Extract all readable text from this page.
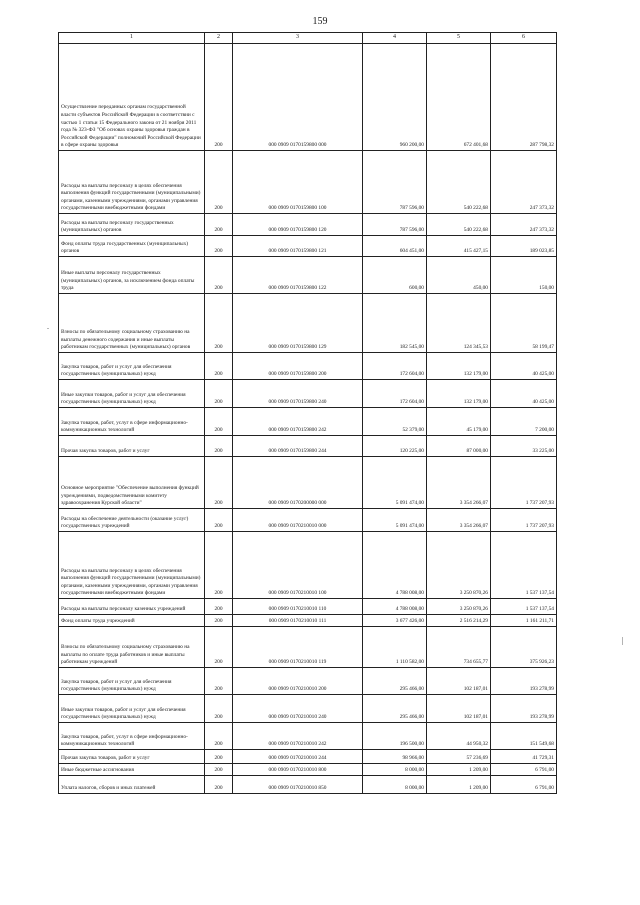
159
1	2	3	4	5	6
Осуществление переданных органам государственной власти субъектов Российской Федерации в соответствии с частью 1 статьи 15 Федерального закона от 21 ноября 2011 года № 323-ФЗ "Об основах охраны здоровья граждан в Российской Федерации" полномочий Российской Федерации в сфере охраны здоровья	200	000 0909 0170159800 000	960 200,00	672 401,68	287 798,32
Расходы на выплаты персоналу в целях обеспечения выполнения функций государственными (муниципальными) органами, казенными учреждениями, органами управления государственными внебюджетными фондами	200	000 0909 0170159800 100	787 596,00	540 222,68	247 373,32
Расходы на выплаты персоналу государственных (муниципальных) органов	200	000 0909 0170159800 120	787 596,00	540 222,68	247 373,32
Фонд оплаты труда государственных (муниципальных) органов	200	000 0909 0170159800 121	604 451,00	415 427,15	189 023,85
Иные выплаты персоналу государственных (муниципальных) органов, за исключением фонда оплаты труда	200	000 0909 0170159800 122	600,00	450,00	150,00
Взносы по обязательному социальному страхованию на выплаты денежного содержания и иные выплаты работникам государственных (муниципальных) органов	200	000 0909 0170159800 129	182 545,00	124 345,53	58 199,47
Закупка товаров, работ и услуг для обеспечения государственных (муниципальных) нужд	200	000 0909 0170159800 200	172 604,00	132 179,00	40 425,00
Иные закупки товаров, работ и услуг для обеспечения государственных (муниципальных) нужд	200	000 0909 0170159800 240	172 604,00	132 179,00	40 425,00
Закупка товаров, работ, услуг в сфере информационно-коммуникационных технологий	200	000 0909 0170159800 242	52 379,00	45 179,00	7 200,00
Прочая закупка товаров, работ и услуг	200	000 0909 0170159800 244	120 225,00	87 000,00	33 225,00
Основное мероприятие "Обеспечение выполнения функций учреждениями, подведомственными комитету здравоохранения Курской области"	200	000 0909 0170200000 000	5 091 474,00	3 354 266,07	1 737 207,93
Расходы на обеспечение деятельности (оказание услуг) государственных учреждений	200	000 0909 0170210010 000	5 091 474,00	3 354 266,07	1 737 207,93
Расходы на выплаты персоналу в целях обеспечения выполнения функций государственными (муниципальными) органами, казенными учреждениями, органами управления государственными внебюджетными фондами	200	000 0909 0170210010 100	4 788 008,00	3 250 870,26	1 537 137,54
Расходы на выплаты персоналу казенных учреждений	200	000 0909 0170210010 110	4 788 008,00	3 250 870,26	1 537 137,54
Фонд оплаты труда учреждений	200	000 0909 0170210010 111	3 677 426,00	2 516 214,29	1 161 211,71
Взносы по обязательному социальному страхованию на выплаты по оплате труда работников и иные выплаты работникам учреждений	200	000 0909 0170210010 119	1 110 582,00	734 655,77	375 926,23
Закупка товаров, работ и услуг для обеспечения государственных (муниципальных) нужд	200	000 0909 0170210010 200	295 466,00	102 187,01	193 278,99
Иные закупки товаров, работ и услуг для обеспечения государственных (муниципальных) нужд	200	000 0909 0170210010 240	295 466,00	102 187,01	193 278,99
Закупка товаров, работ, услуг в сфере информационно-коммуникационных технологий	200	000 0909 0170210010 242	196 500,00	44 950,32	151 549,68
Прочая закупка товаров, работ и услуг	200	000 0909 0170210010 244	98 966,00	57 236,69	41 729,31
Иные бюджетные ассигнования	200	000 0909 0170210010 800	8 000,00	1 209,00	6 791,00
Уплата налогов, сборов и иных платежей	200	000 0909 0170210010 850	8 000,00	1 209,00	6 791,00
|
.
